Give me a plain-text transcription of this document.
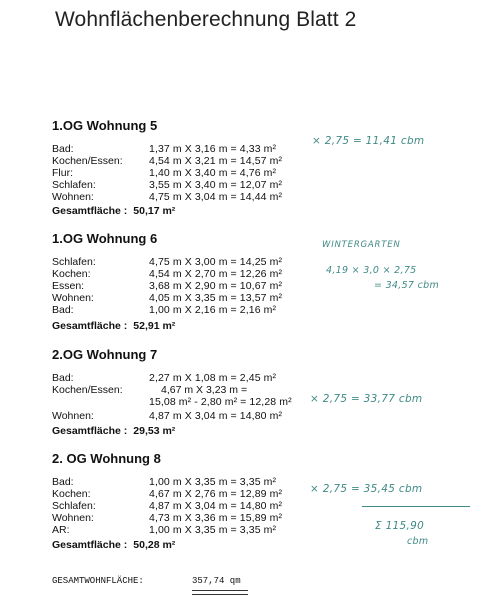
Wohnflächenberechnung Blatt 2
1.OG Wohnung 5
Bad:	1,37 m X 3,16 m = 4,33 m²
Kochen/Essen:	4,54 m X 3,21 m = 14,57 m²
Flur:	1,40 m X 3,40 m = 4,76 m²
Schlafen:	3,55 m X 3,40 m = 12,07 m²
Wohnen:	4,75 m X 3,04 m = 14,44 m²
Gesamtfläche : 50,17 m²
1.OG Wohnung 6
Schlafen:	4,75 m X 3,00 m = 14,25 m²
Kochen:	4,54 m X 2,70 m = 12,26 m²
Essen:	3,68 m X 2,90 m = 10,67 m²
Wohnen:	4,05 m X 3,35 m = 13,57 m²
Bad:	1,00 m X 2,16 m = 2,16 m²
Gesamtfläche : 52,91 m²
2.OG Wohnung 7
Bad:	2,27 m X 1,08 m = 2,45 m²
Kochen/Essen:	4,67 m X 3,23 m =
15,08 m² - 2,80 m² = 12,28 m²
Wohnen:	4,87 m X 3,04 m = 14,80 m²
Gesamtfläche : 29,53 m²
2. OG Wohnung 8
Bad:	1,00 m X 3,35 m = 3,35 m²
Kochen:	4,67 m X 2,76 m = 12,89 m²
Schlafen:	4,87 m X 3,04 m = 14,80 m²
Wohnen:	4,73 m X 3,36 m = 15,89 m²
AR:	1,00 m X 3,35 m = 3,35 m²
Gesamtfläche : 50,28 m²
× 2,75 = 11,41 cbm
WINTERGARTEN
4,19 × 3,0 × 2,75
= 34,57 cbm
× 2,75 = 33,77 cbm
× 2,75 = 35,45 cbm
Σ 115,90
cbm
GESAMTWOHNFLÄCHE:	357,74 qm
